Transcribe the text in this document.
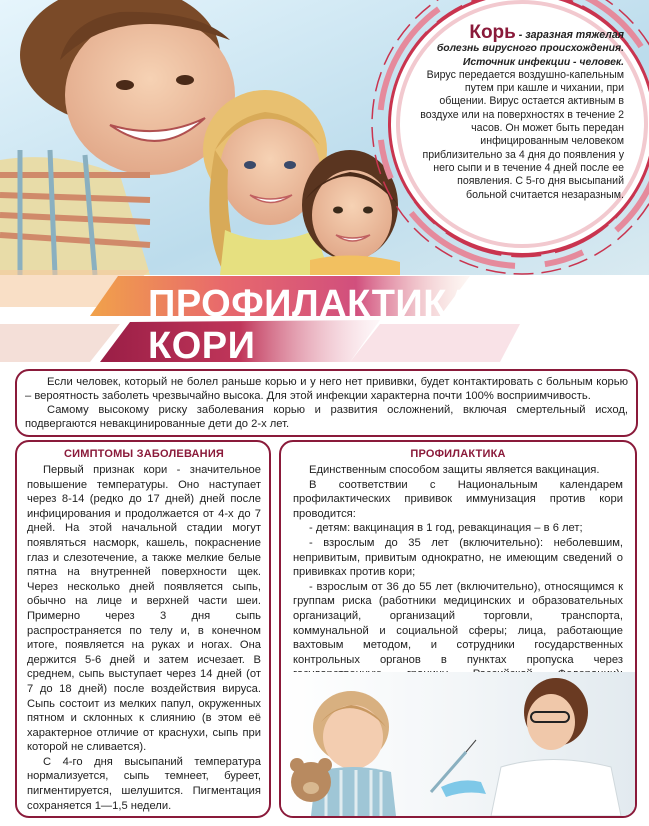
Корь - заразная тяжелая
болезнь вирусного происхождения.
Источник инфекции - человек.
Вирус передается воздушно-капельным путем при кашле и чихании, при общении. Вирус остается активным в воздухе или на поверхностях в течение 2 часов. Он может быть передан инфицированным человеком приблизительно за 4 дня до появления у него сыпи и в течение 4 дней после ее появления. С 5-го дня высыпаний больной считается незаразным.
ПРОФИЛАКТИКА
КОРИ

Если человек, который не болел раньше корью и у него нет прививки, будет контактировать с больным корью – вероятность заболеть чрезвычайно высока. Для этой инфекции характерна почти 100% восприимчивость.

Самому высокому риску заболевания корью и развития осложнений, включая смертельный исход, подвергаются невакцинированные дети до 2-х лет.

СИМПТОМЫ ЗАБОЛЕВАНИЯ

Первый признак кори - значительное повышение температуры. Оно наступает через 8-14 (редко до 17 дней) дней после инфицирования и продолжается от 4-х до 7 дней. На этой начальной стадии могут появляться насморк, кашель, покраснение глаз и слезотечение, а также мелкие белые пятна на внутренней поверхности щек. Через несколько дней появляется сыпь, обычно на лице и верхней части шеи. Примерно через 3 дня сыпь распространяется по телу и, в конечном итоге, появляется на руках и ногах. Она держится 5-6 дней и затем исчезает. В среднем, сыпь выступает через 14 дней (от 7 до 18 дней) после воздействия вируса. Сыпь состоит из мелких папул, окруженных пятном и склонных к слиянию (в этом её характерное отличие от краснухи, сыпь при которой не сливается).

С 4-го дня высыпаний температура нормализуется, сыпь темнеет, буреет, пигментируется, шелушится. Пигментация сохраняется 1—1,5 недели.

ПРОФИЛАКТИКА

Единственным способом защиты является вакцинация.

В соответствии с Национальным календарем профилактических прививок иммунизация против кори проводится:

- детям: вакцинация в 1 год, ревакцинация – в 6 лет;

- взрослым до 35 лет (включительно): неболевшим, непривитым, привитым однократно, не имеющим сведений о прививках против кори;

- взрослым от 36 до 55 лет (включительно), относящимся к группам риска (работники медицинских и образовательных организаций, организаций торговли, транспорта, коммунальной и социальной сферы; лица, работающие вахтовым методом, и сотрудники государственных контрольных органов в пунктах пропуска через
